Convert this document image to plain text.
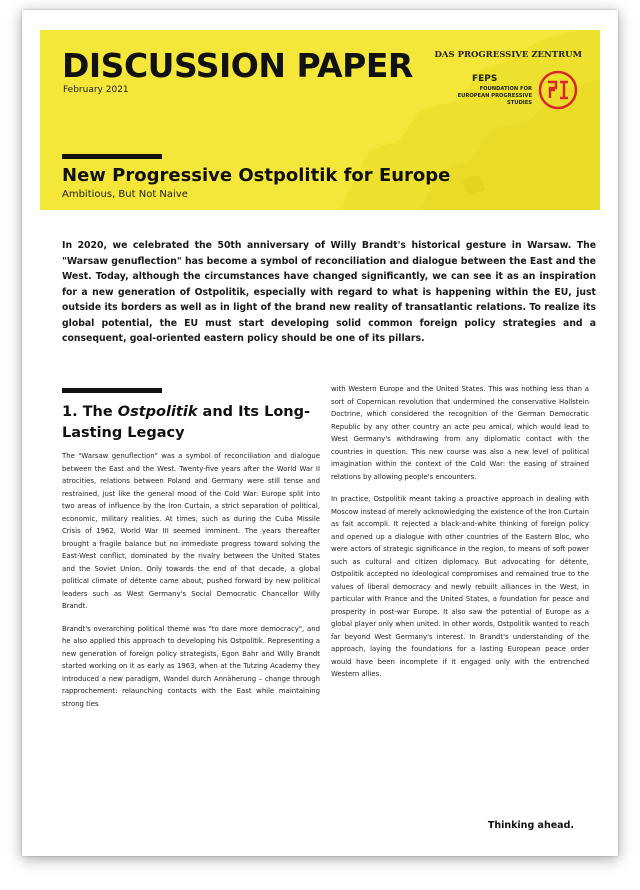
DISCUSSION PAPER
February 2021
DAS PROGRESSIVE ZENTRUM
FEPS
FOUNDATION FOR EUROPEAN PROGRESSIVE STUDIES
New Progressive Ostpolitik for Europe
Ambitious, But Not Naive
In 2020, we celebrated the 50th anniversary of Willy Brandt's historical gesture in Warsaw. The "Warsaw genuflection" has become a symbol of reconciliation and dialogue between the East and the West. Today, although the circumstances have changed significantly, we can see it as an inspiration for a new generation of Ostpolitik, especially with regard to what is happening within the EU, just outside its borders as well as in light of the brand new reality of transatlantic relations. To realize its global potential, the EU must start developing solid common foreign policy strategies and a consequent, goal-oriented eastern policy should be one of its pillars.
1. The Ostpolitik and Its Long-Lasting Legacy

The "Warsaw genuflection" was a symbol of reconciliation and dialogue between the East and the West. Twenty-five years after the World War II atrocities, relations between Poland and Germany were still tense and restrained, just like the general mood of the Cold War: Europe split into two areas of influence by the Iron Curtain, a strict separation of political, economic, military realities. At times, such as during the Cuba Missile Crisis of 1962, World War III seemed imminent. The years thereafter brought a fragile balance but no immediate progress toward solving the East-West conflict, dominated by the rivalry between the United States and the Soviet Union. Only towards the end of that decade, a global political climate of détente came about, pushed forward by new political leaders such as West Germany's Social Democratic Chancellor Willy Brandt.

Brandt's overarching political theme was "to dare more democracy", and he also applied this approach to developing his Ostpolitik. Representing a new generation of foreign policy strategists, Egon Bahr and Willy Brandt started working on it as early as 1963, when at the Tutzing Academy they introduced a new paradigm, Wandel durch Annäherung – change through rapprochement: relaunching contacts with the East while maintaining strong ties

with Western Europe and the United States. This was nothing less than a sort of Copernican revolution that undermined the conservative Hallstein Doctrine, which considered the recognition of the German Democratic Republic by any other country an acte peu amical, which would lead to West Germany's withdrawing from any diplomatic contact with the countries in question. This new course was also a new level of political imagination within the context of the Cold War: the easing of strained relations by allowing people's encounters.

In practice, Ostpolitik meant taking a proactive approach in dealing with Moscow instead of merely acknowledging the existence of the Iron Curtain as fait accompli. It rejected a black-and-white thinking of foreign policy and opened up a dialogue with other countries of the Eastern Bloc, who were actors of strategic significance in the region, to means of soft power such as cultural and citizen diplomacy. But advocating for détente, Ostpolitik accepted no ideological compromises and remained true to the values of liberal democracy and newly rebuilt alliances in the West, in particular with France and the United States, a foundation for peace and prosperity in post-war Europe. It also saw the potential of Europe as a global player only when united. In other words, Ostpolitik wanted to reach far beyond West Germany's interest. In Brandt's understanding of the approach, laying the foundations for a lasting European peace order would have been incomplete if it engaged only with the entrenched Western allies.

Thinking ahead.
